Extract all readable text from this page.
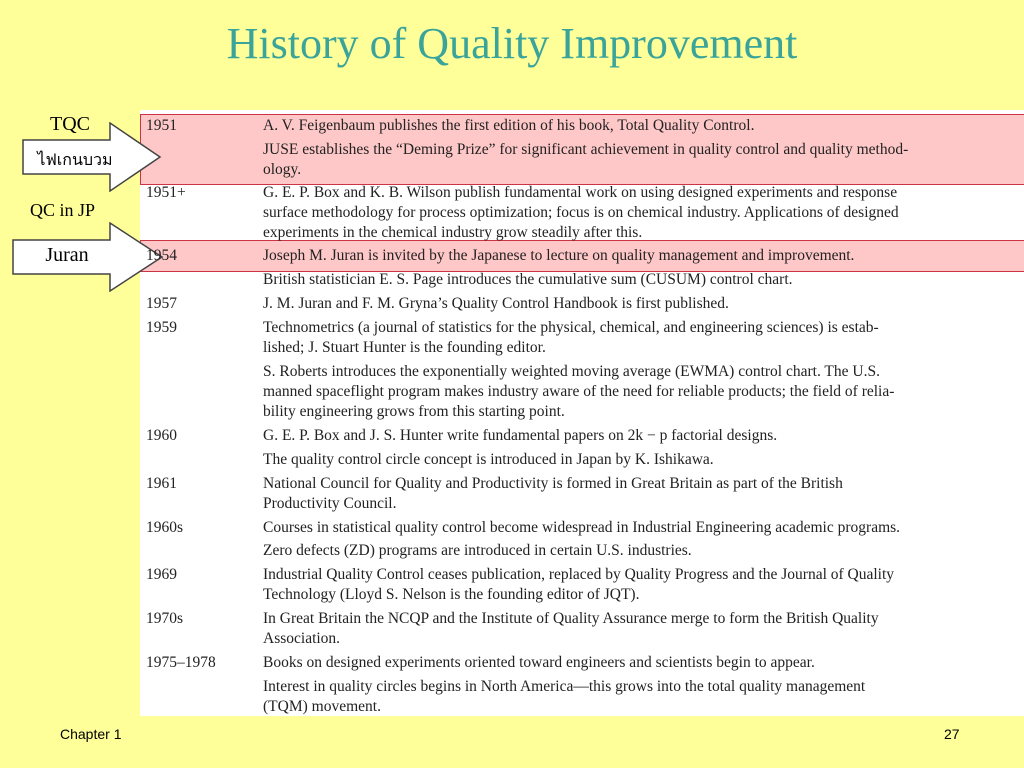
History of Quality Improvement
TQC
ไฟเกนบวม
QC in JP
Juran
1951	A. V. Feigenbaum publishes the first edition of his book, Total Quality Control.
JUSE establishes the “Deming Prize” for significant achievement in quality control and quality method-
ology.
1951+	G. E. P. Box and K. B. Wilson publish fundamental work on using designed experiments and response
surface methodology for process optimization; focus is on chemical industry. Applications of designed
experiments in the chemical industry grow steadily after this.
1954	Joseph M. Juran is invited by the Japanese to lecture on quality management and improvement.
British statistician E. S. Page introduces the cumulative sum (CUSUM) control chart.
1957	J. M. Juran and F. M. Gryna’s Quality Control Handbook is first published.
1959	Technometrics (a journal of statistics for the physical, chemical, and engineering sciences) is estab-
lished; J. Stuart Hunter is the founding editor.
S. Roberts introduces the exponentially weighted moving average (EWMA) control chart. The U.S.
manned spaceflight program makes industry aware of the need for reliable products; the field of relia-
bility engineering grows from this starting point.
1960	G. E. P. Box and J. S. Hunter write fundamental papers on 2k − p factorial designs.
The quality control circle concept is introduced in Japan by K. Ishikawa.
1961	National Council for Quality and Productivity is formed in Great Britain as part of the British
Productivity Council.
1960s	Courses in statistical quality control become widespread in Industrial Engineering academic programs.
Zero defects (ZD) programs are introduced in certain U.S. industries.
1969	Industrial Quality Control ceases publication, replaced by Quality Progress and the Journal of Quality
Technology (Lloyd S. Nelson is the founding editor of JQT).
1970s	In Great Britain the NCQP and the Institute of Quality Assurance merge to form the British Quality
Association.
1975–1978	Books on designed experiments oriented toward engineers and scientists begin to appear.
Interest in quality circles begins in North America—this grows into the total quality management
(TQM) movement.
Chapter 1	27
